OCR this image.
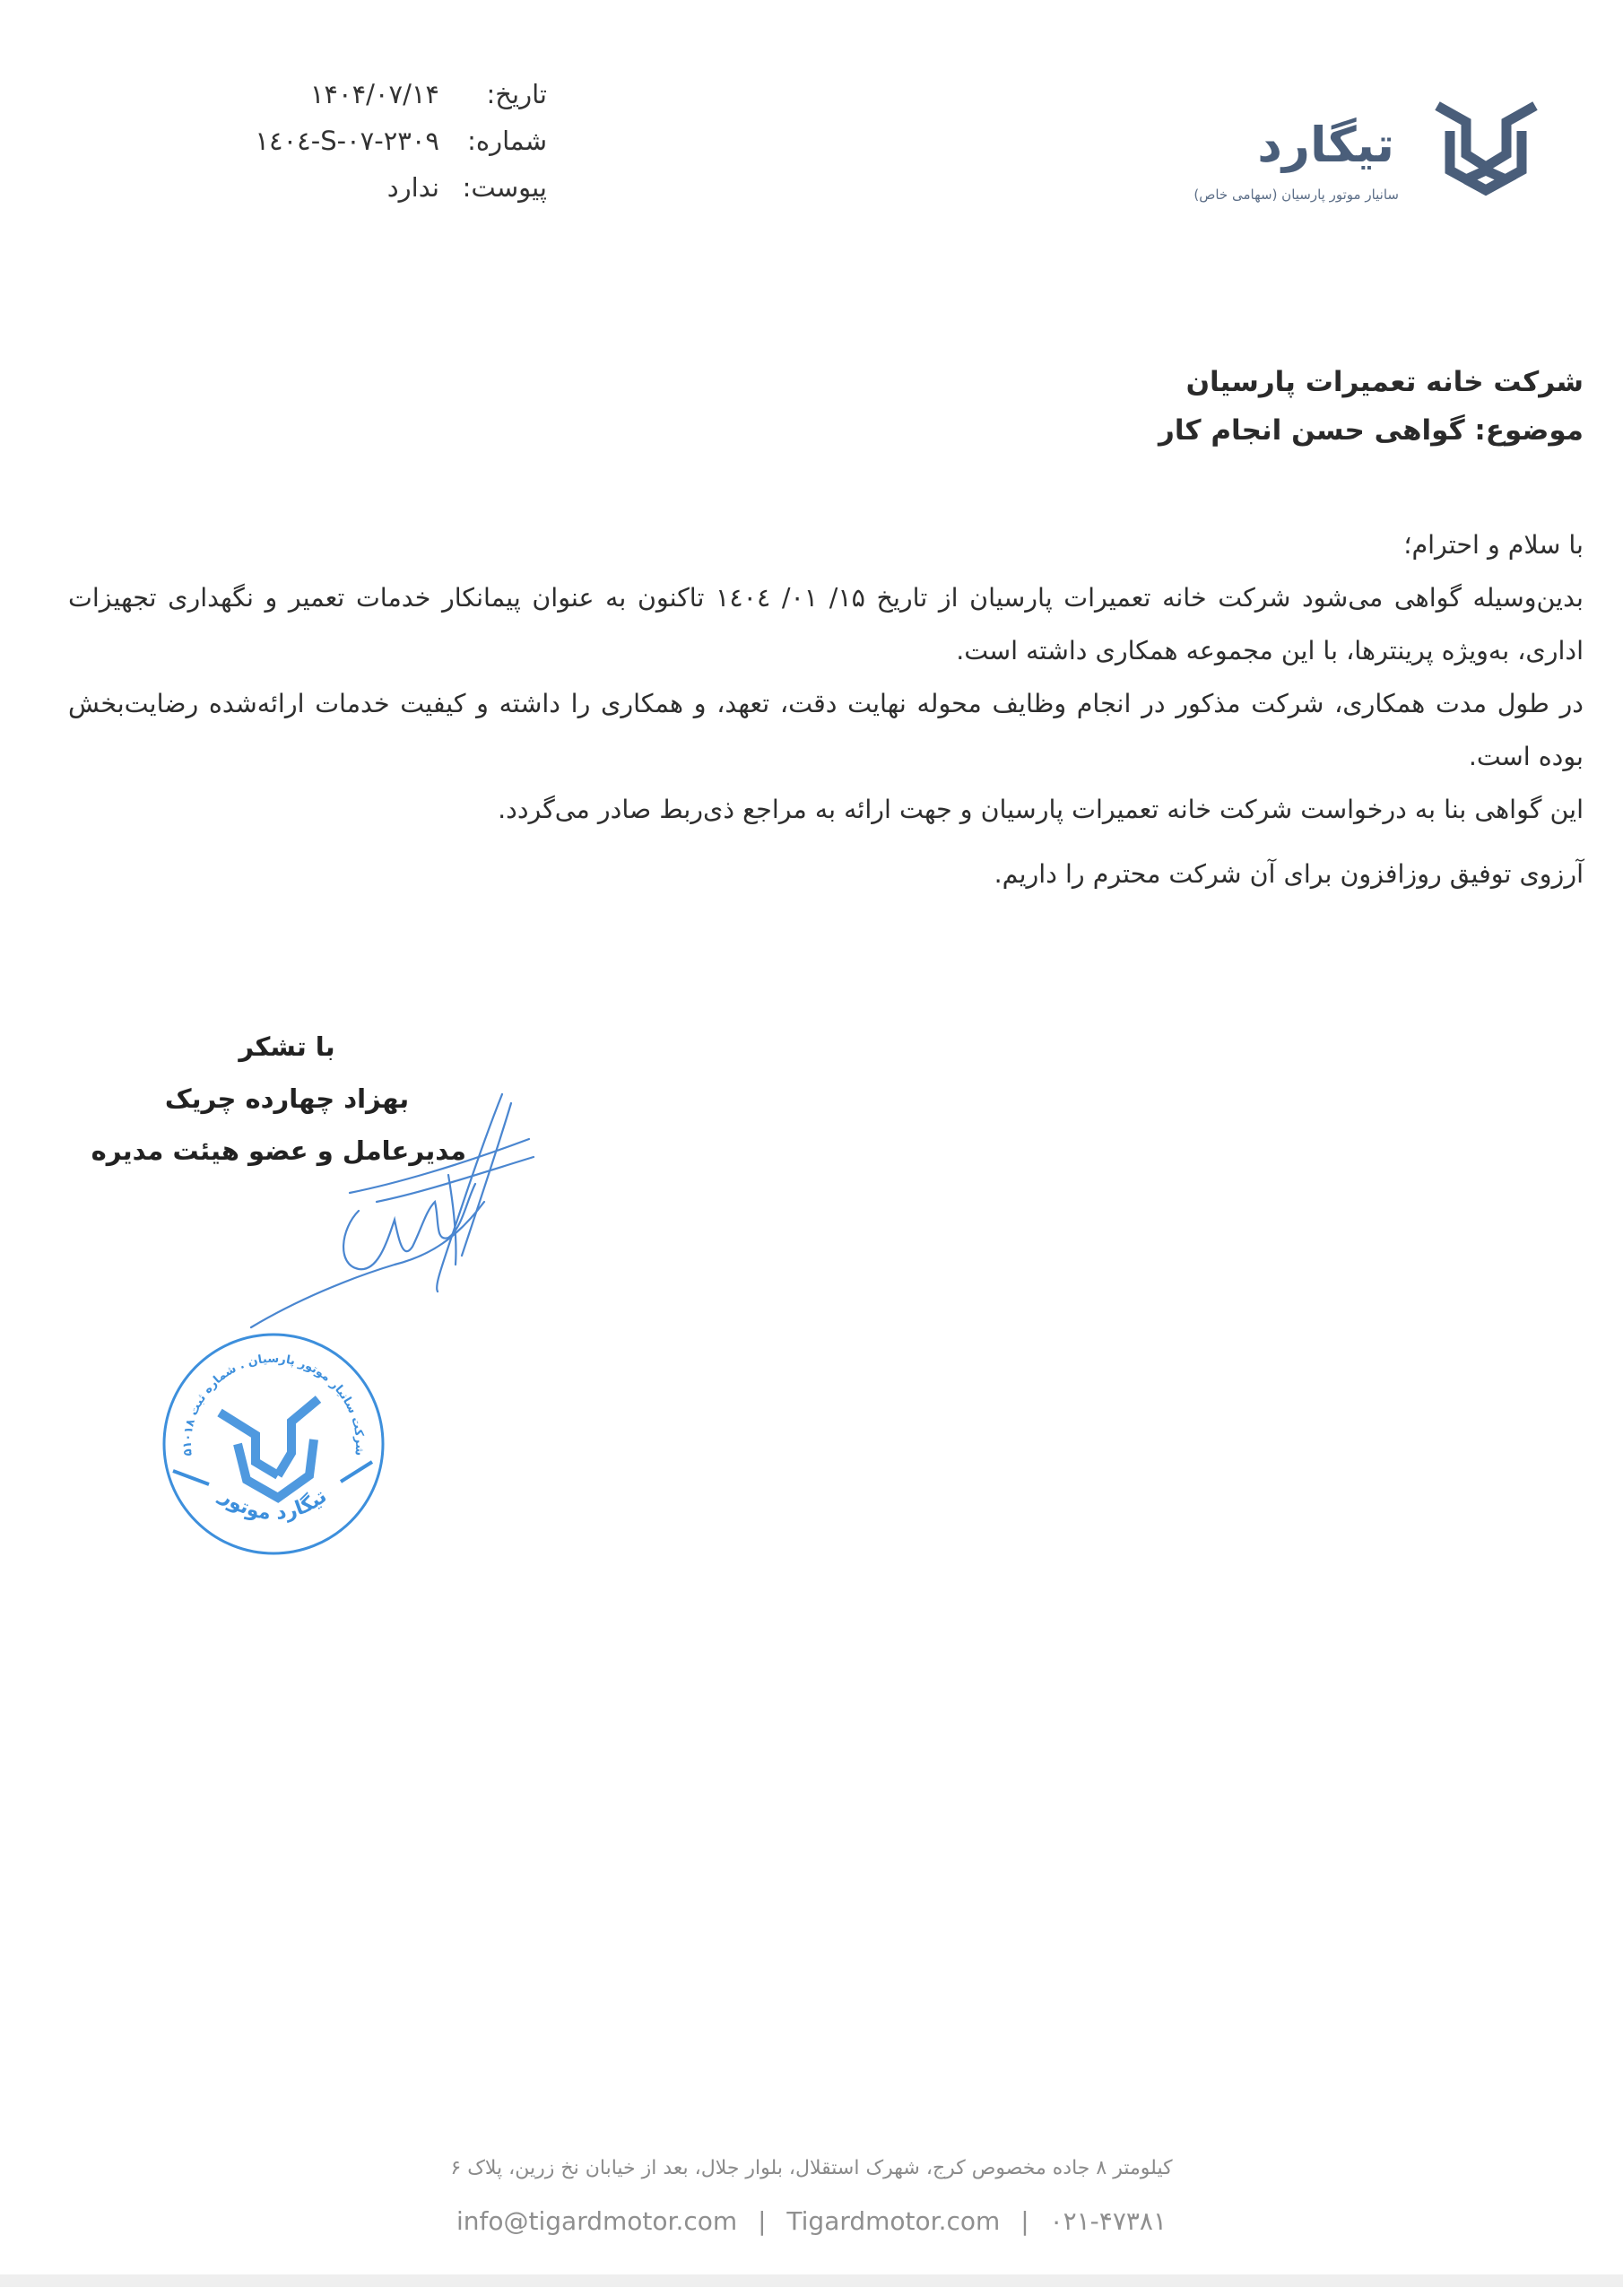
تاریخ:
۱۴۰۴/۰۷/۱۴
شماره:
۱٤۰٤-S-۰۷-۲۳۰۹
پیوست:
ندارد
تیگارد
سانیار موتور پارسیان (سهامی خاص)
شرکت خانه تعمیرات پارسیان
موضوع: گواهی حسن انجام کار

با سلام و احترام؛

بدین‌وسیله گواهی می‌شود شرکت خانه تعمیرات پارسیان از تاریخ ۱۵/ ۰۱/ ۱٤۰٤ تاکنون به عنوان پیمانکار خدمات تعمیر و نگهداری تجهیزات اداری، به‌ویژه پرینترها، با این مجموعه همکاری داشته است.

در طول مدت همکاری، شرکت مذکور در انجام وظایف محوله نهایت دقت، تعهد، و همکاری را داشته و کیفیت خدمات ارائه‌شده رضایت‌بخش بوده است.

این گواهی بنا به درخواست شرکت خانه تعمیرات پارسیان و جهت ارائه به مراجع ذی‌ربط صادر می‌گردد.

آرزوی توفیق روزافزون برای آن شرکت محترم را داریم.
با تشکر
بهزاد چهارده چریک
مدیرعامل و عضو هیئت مدیره
شرکت سانیار موتور پارسیان . شماره ثبت ۵۱۰۱۸
تیگارد موتور
کیلومتر ۸ جاده مخصوص کرج، شهرک استقلال، بلوار جلال، بعد از خیابان نخ زرین، پلاک ۶
info@tigardmotor.com | Tigardmotor.com | ۰۲۱-۴۷۳۸۱
